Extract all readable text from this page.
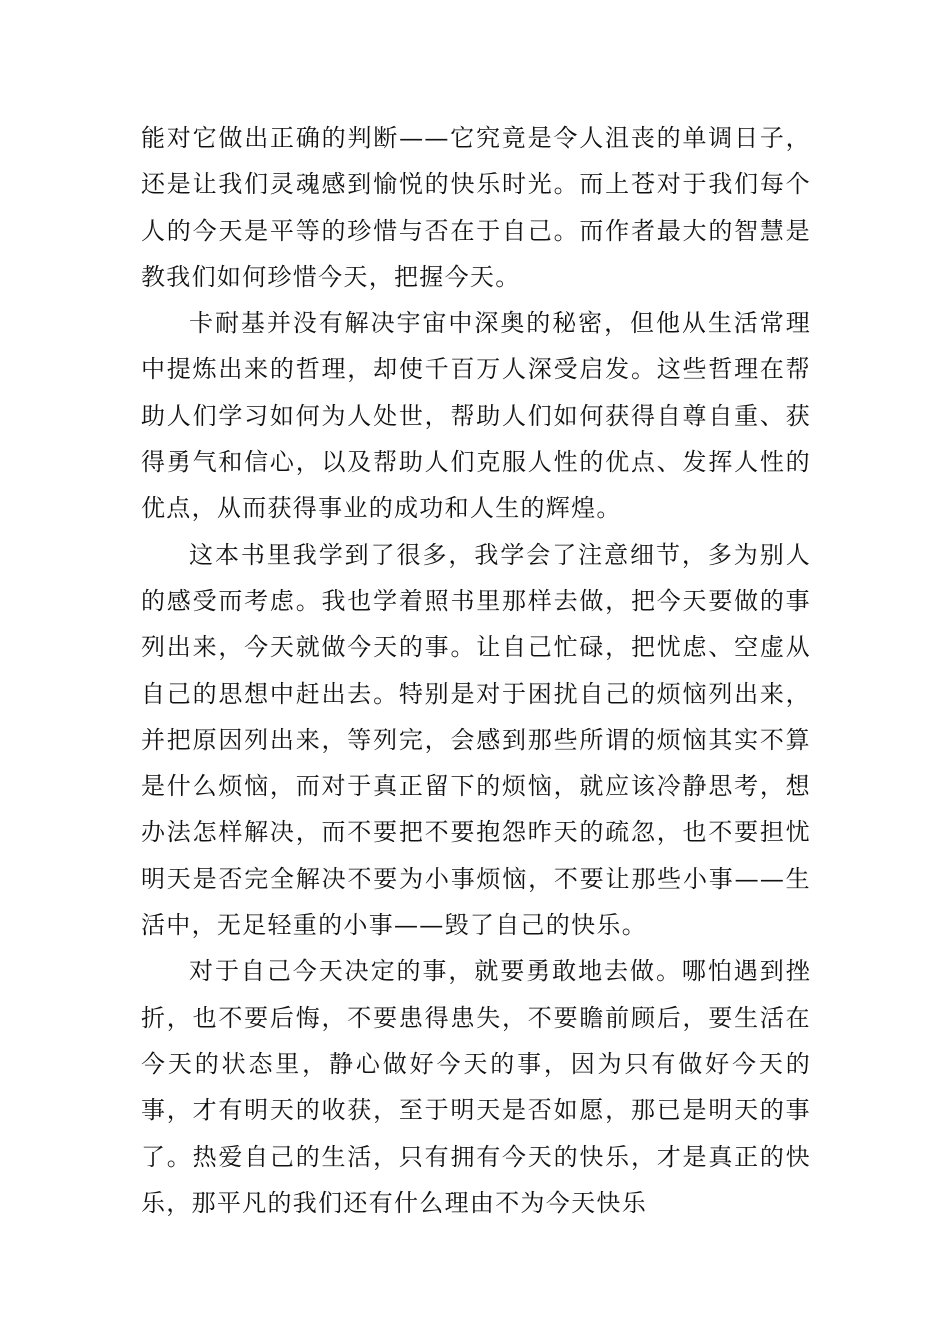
能对它做出正确的判断——它究竟是令人沮丧的单调日子，还是让我们灵魂感到愉悦的快乐时光。而上苍对于我们每个人的今天是平等的珍惜与否在于自己。而作者最大的智慧是教我们如何珍惜今天，把握今天。

卡耐基并没有解决宇宙中深奥的秘密，但他从生活常理中提炼出来的哲理，却使千百万人深受启发。这些哲理在帮助人们学习如何为人处世，帮助人们如何获得自尊自重、获得勇气和信心，以及帮助人们克服人性的优点、发挥人性的优点，从而获得事业的成功和人生的辉煌。

这本书里我学到了很多，我学会了注意细节，多为别人的感受而考虑。我也学着照书里那样去做，把今天要做的事列出来，今天就做今天的事。让自己忙碌，把忧虑、空虚从自己的思想中赶出去。特别是对于困扰自己的烦恼列出来，并把原因列出来，等列完，会感到那些所谓的烦恼其实不算是什么烦恼，而对于真正留下的烦恼，就应该冷静思考，想办法怎样解决，而不要把不要抱怨昨天的疏忽，也不要担忧明天是否完全解决不要为小事烦恼，不要让那些小事——生活中，无足轻重的小事——毁了自己的快乐。

对于自己今天决定的事，就要勇敢地去做。哪怕遇到挫折，也不要后悔，不要患得患失，不要瞻前顾后，要生活在今天的状态里，静心做好今天的事，因为只有做好今天的事，才有明天的收获，至于明天是否如愿，那已是明天的事了。热爱自己的生活，只有拥有今天的快乐，才是真正的快乐，那平凡的我们还有什么理由不为今天快乐
